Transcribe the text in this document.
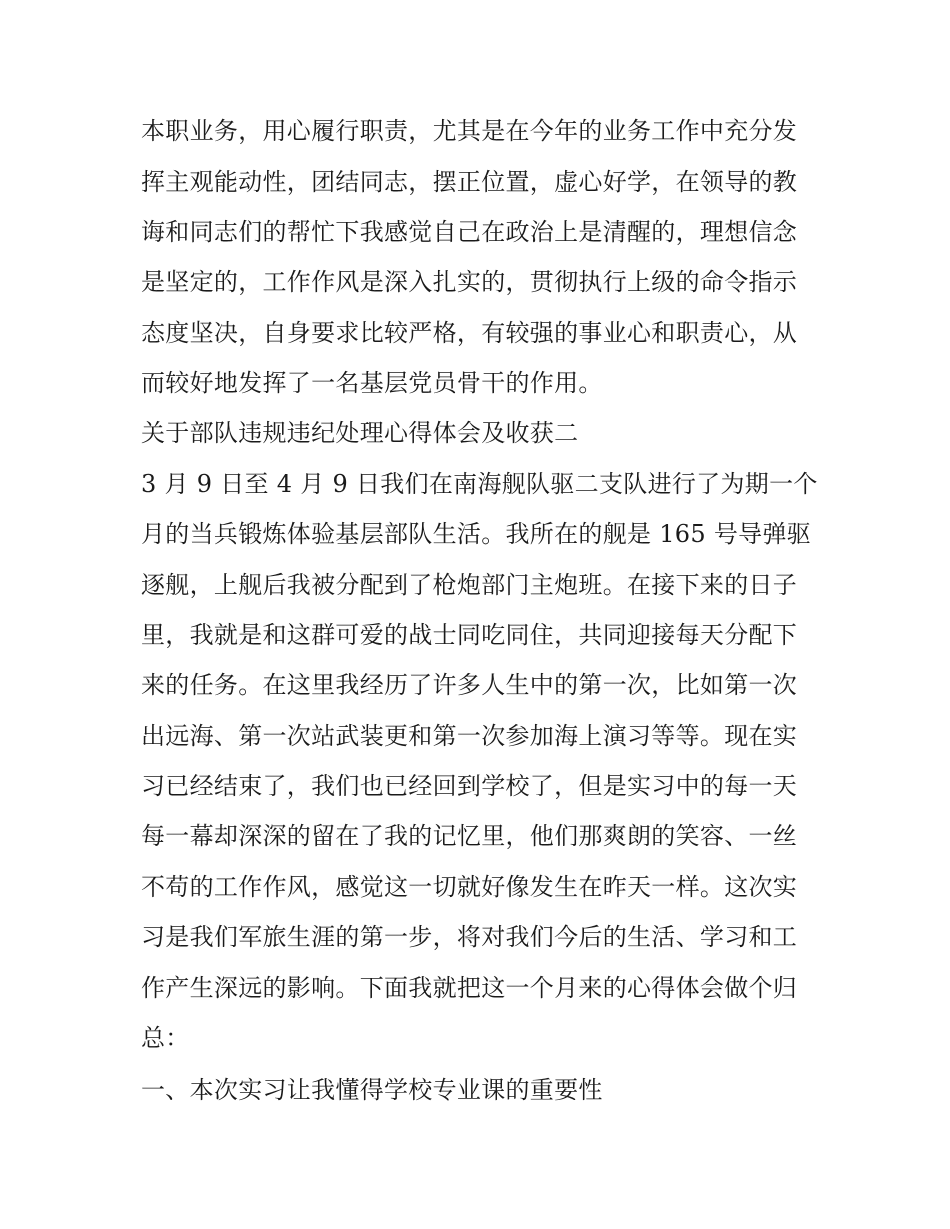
本职业务，用心履行职责，尤其是在今年的业务工作中充分发
挥主观能动性，团结同志，摆正位置，虚心好学，在领导的教
诲和同志们的帮忙下我感觉自己在政治上是清醒的，理想信念
是坚定的，工作作风是深入扎实的，贯彻执行上级的命令指示
态度坚决，自身要求比较严格，有较强的事业心和职责心，从
而较好地发挥了一名基层党员骨干的作用。
关于部队违规违纪处理心得体会及收获二
3 月 9 日至 4 月 9 日我们在南海舰队驱二支队进行了为期一个
月的当兵锻炼体验基层部队生活。我所在的舰是 165 号导弹驱
逐舰，上舰后我被分配到了枪炮部门主炮班。在接下来的日子
里，我就是和这群可爱的战士同吃同住，共同迎接每天分配下
来的任务。在这里我经历了许多人生中的第一次，比如第一次
出远海、第一次站武装更和第一次参加海上演习等等。现在实
习已经结束了，我们也已经回到学校了，但是实习中的每一天
每一幕却深深的留在了我的记忆里，他们那爽朗的笑容、一丝
不苟的工作作风，感觉这一切就好像发生在昨天一样。这次实
习是我们军旅生涯的第一步，将对我们今后的生活、学习和工
作产生深远的影响。下面我就把这一个月来的心得体会做个归
总：
一、本次实习让我懂得学校专业课的重要性
